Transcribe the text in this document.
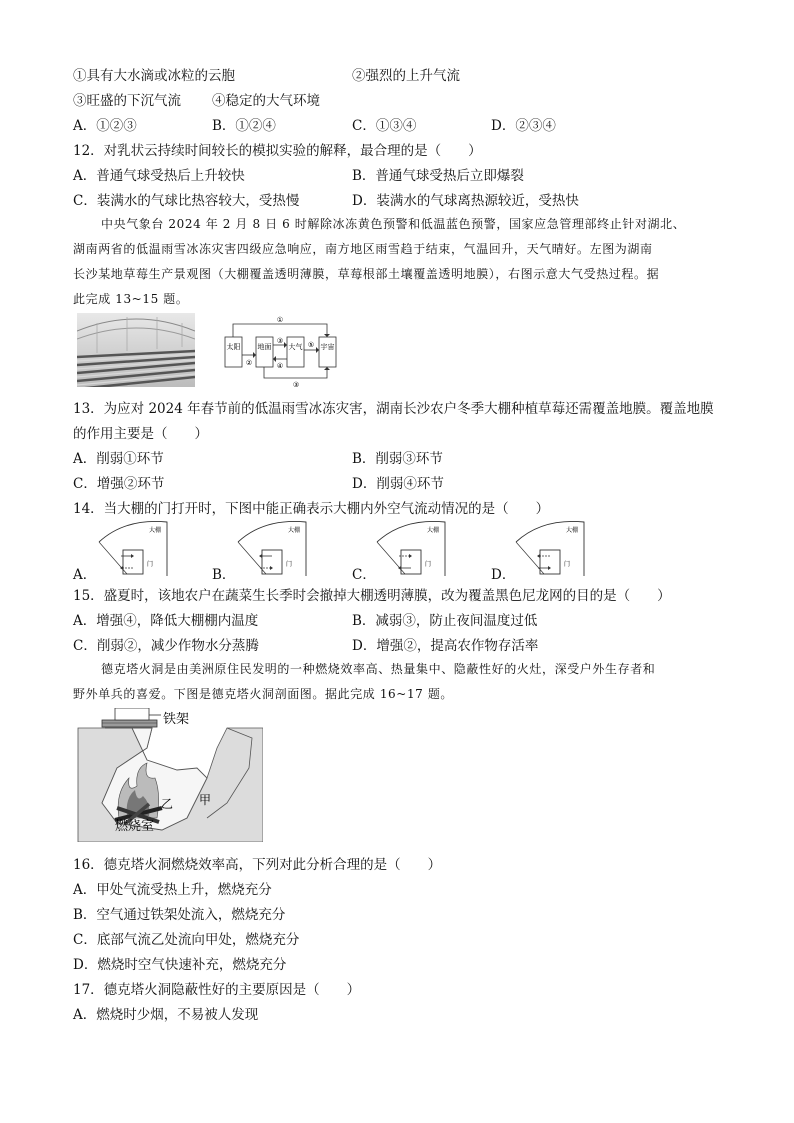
①具有大水滴或冰粒的云胞	②强烈的上升气流
③旺盛的下沉气流 ④稳定的大气环境
A．①②③	B．①②④	C．①③④	D．②③④
12．对乳状云持续时间较长的模拟实验的解释，最合理的是（　　）
A．普通气球受热后上升较快	B．普通气球受热后立即爆裂
C．装满水的气球比热容较大，受热慢	D．装满水的气球离热源较近，受热快
中央气象台 2024 年 2 月 8 日 6 时解除冰冻黄色预警和低温蓝色预警，国家应急管理部终止针对湖北、
湖南两省的低温雨雪冰冻灾害四级应急响应，南方地区雨雪趋于结束，气温回升，天气晴好。左图为湖南
长沙某地草莓生产景观图（大棚覆盖透明薄膜，草莓根部土壤覆盖透明地膜），右图示意大气受热过程。据
此完成 13~15 题。
太阳 地面 大气	宇宙
①
②
③
④
⑤
③
13．为应对 2024 年春节前的低温雨雪冰冻灾害，湖南长沙农户冬季大棚种植草莓还需覆盖地膜。覆盖地膜
的作用主要是（　　）
A．削弱①环节	B．削弱③环节
C．增强②环节	D．削弱④环节
14．当大棚的门打开时，下图中能正确表示大棚内外空气流动情况的是（　　）
A．	B．	C．	D．
大棚
门
大棚
门
大棚
门
大棚
门
15．盛夏时，该地农户在蔬菜生长季时会撤掉大棚透明薄膜，改为覆盖黑色尼龙网的目的是（　　）
A．增强④，降低大棚棚内温度	B．减弱③，防止夜间温度过低
C．削弱②，减少作物水分蒸腾	D．增强②，提高农作物存活率
德克塔火洞是由美洲原住民发明的一种燃烧效率高、热量集中、隐蔽性好的火灶，深受户外生存者和
野外单兵的喜爱。下图是德克塔火洞剖面图。据此完成 16~17 题。
铁架
甲
乙
燃烧室
16．德克塔火洞燃烧效率高，下列对此分析合理的是（　　）
A．甲处气流受热上升，燃烧充分
B．空气通过铁架处流入，燃烧充分
C．底部气流乙处流向甲处，燃烧充分
D．燃烧时空气快速补充，燃烧充分
17．德克塔火洞隐蔽性好的主要原因是（　　）
A．燃烧时少烟，不易被人发现
